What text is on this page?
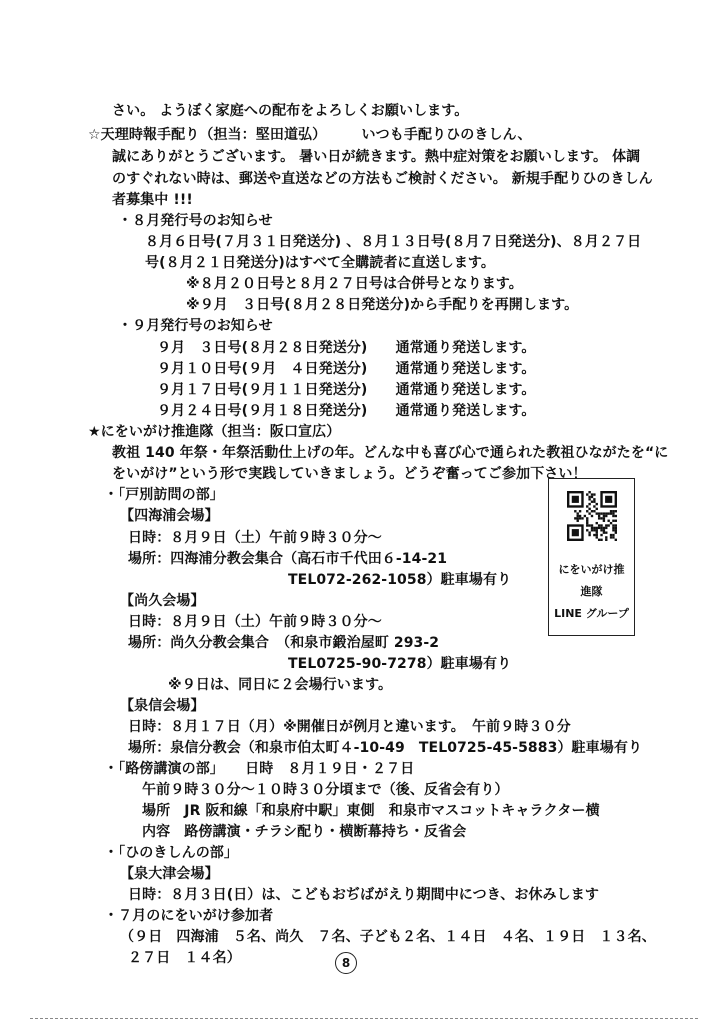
さい。 ようぼく家庭への配布をよろしくお願いします。
☆天理時報手配り（担当：堅田道弘）　　　いつも手配りひのきしん、
誠にありがとうございます。 暑い日が続きます。熱中症対策をお願いします。 体調
のすぐれない時は、郵送や直送などの方法もご検討ください。 新規手配りひのきしん
者募集中 !!!
・８月発行号のお知らせ
８月６日号(７月３１日発送分) 、８月１３日号(８月７日発送分)、８月２７日
号(８月２１日発送分)はすべて全購読者に直送します。
※８月２０日号と８月２７日号は合併号となります。
※９月　３日号(８月２８日発送分)から手配りを再開します。
・９月発行号のお知らせ
９月　３日号(８月２８日発送分)　　通常通り発送します。
９月１０日号(９月　４日発送分)　　通常通り発送します。
９月１７日号(９月１１日発送分)　　通常通り発送します。
９月２４日号(９月１８日発送分)　　通常通り発送します。
★にをいがけ推進隊（担当：阪口宣広）
教祖 140 年祭・年祭活動仕上げの年。どんな中も喜び心で通られた教祖ひながたを“に
をいがけ”という形で実践していきましょう。どうぞ奮ってご参加下さい！
・「戸別訪問の部」
【四海浦会場】
日時：８月９日（土）午前９時３０分～
場所：四海浦分教会集合（高石市千代田６-14-21
TEL072-262-1058）駐車場有り
【尚久会場】
日時：８月９日（土）午前９時３０分～
場所：尚久分教会集合　（和泉市鍛治屋町 293-2
TEL0725-90-7278）駐車場有り
※９日は、同日に２会場行います。
【泉信会場】
日時：８月１７日（月）※開催日が例月と違います。　午前９時３０分
場所：泉信分教会（和泉市伯太町４-10-49　TEL0725-45-5883）駐車場有り
・「路傍講演の部」　　日時　８月１９日・２７日
午前９時３０分～１０時３０分頃まで（後、反省会有り）
場所　JR 阪和線「和泉府中駅」東側　和泉市マスコットキャラクター横
内容　路傍講演・チラシ配り・横断幕持ち・反省会
・「ひのきしんの部」
【泉大津会場】
日時：８月３日(日）は、こどもおぢばがえり期間中につき、お休みします
・７月のにをいがけ参加者
（９日　四海浦　５名、尚久　７名、子ども２名、１４日　４名、１９日　１３名、
２７日　１４名）
にをいがけ推
進隊
LINE グループ
8
